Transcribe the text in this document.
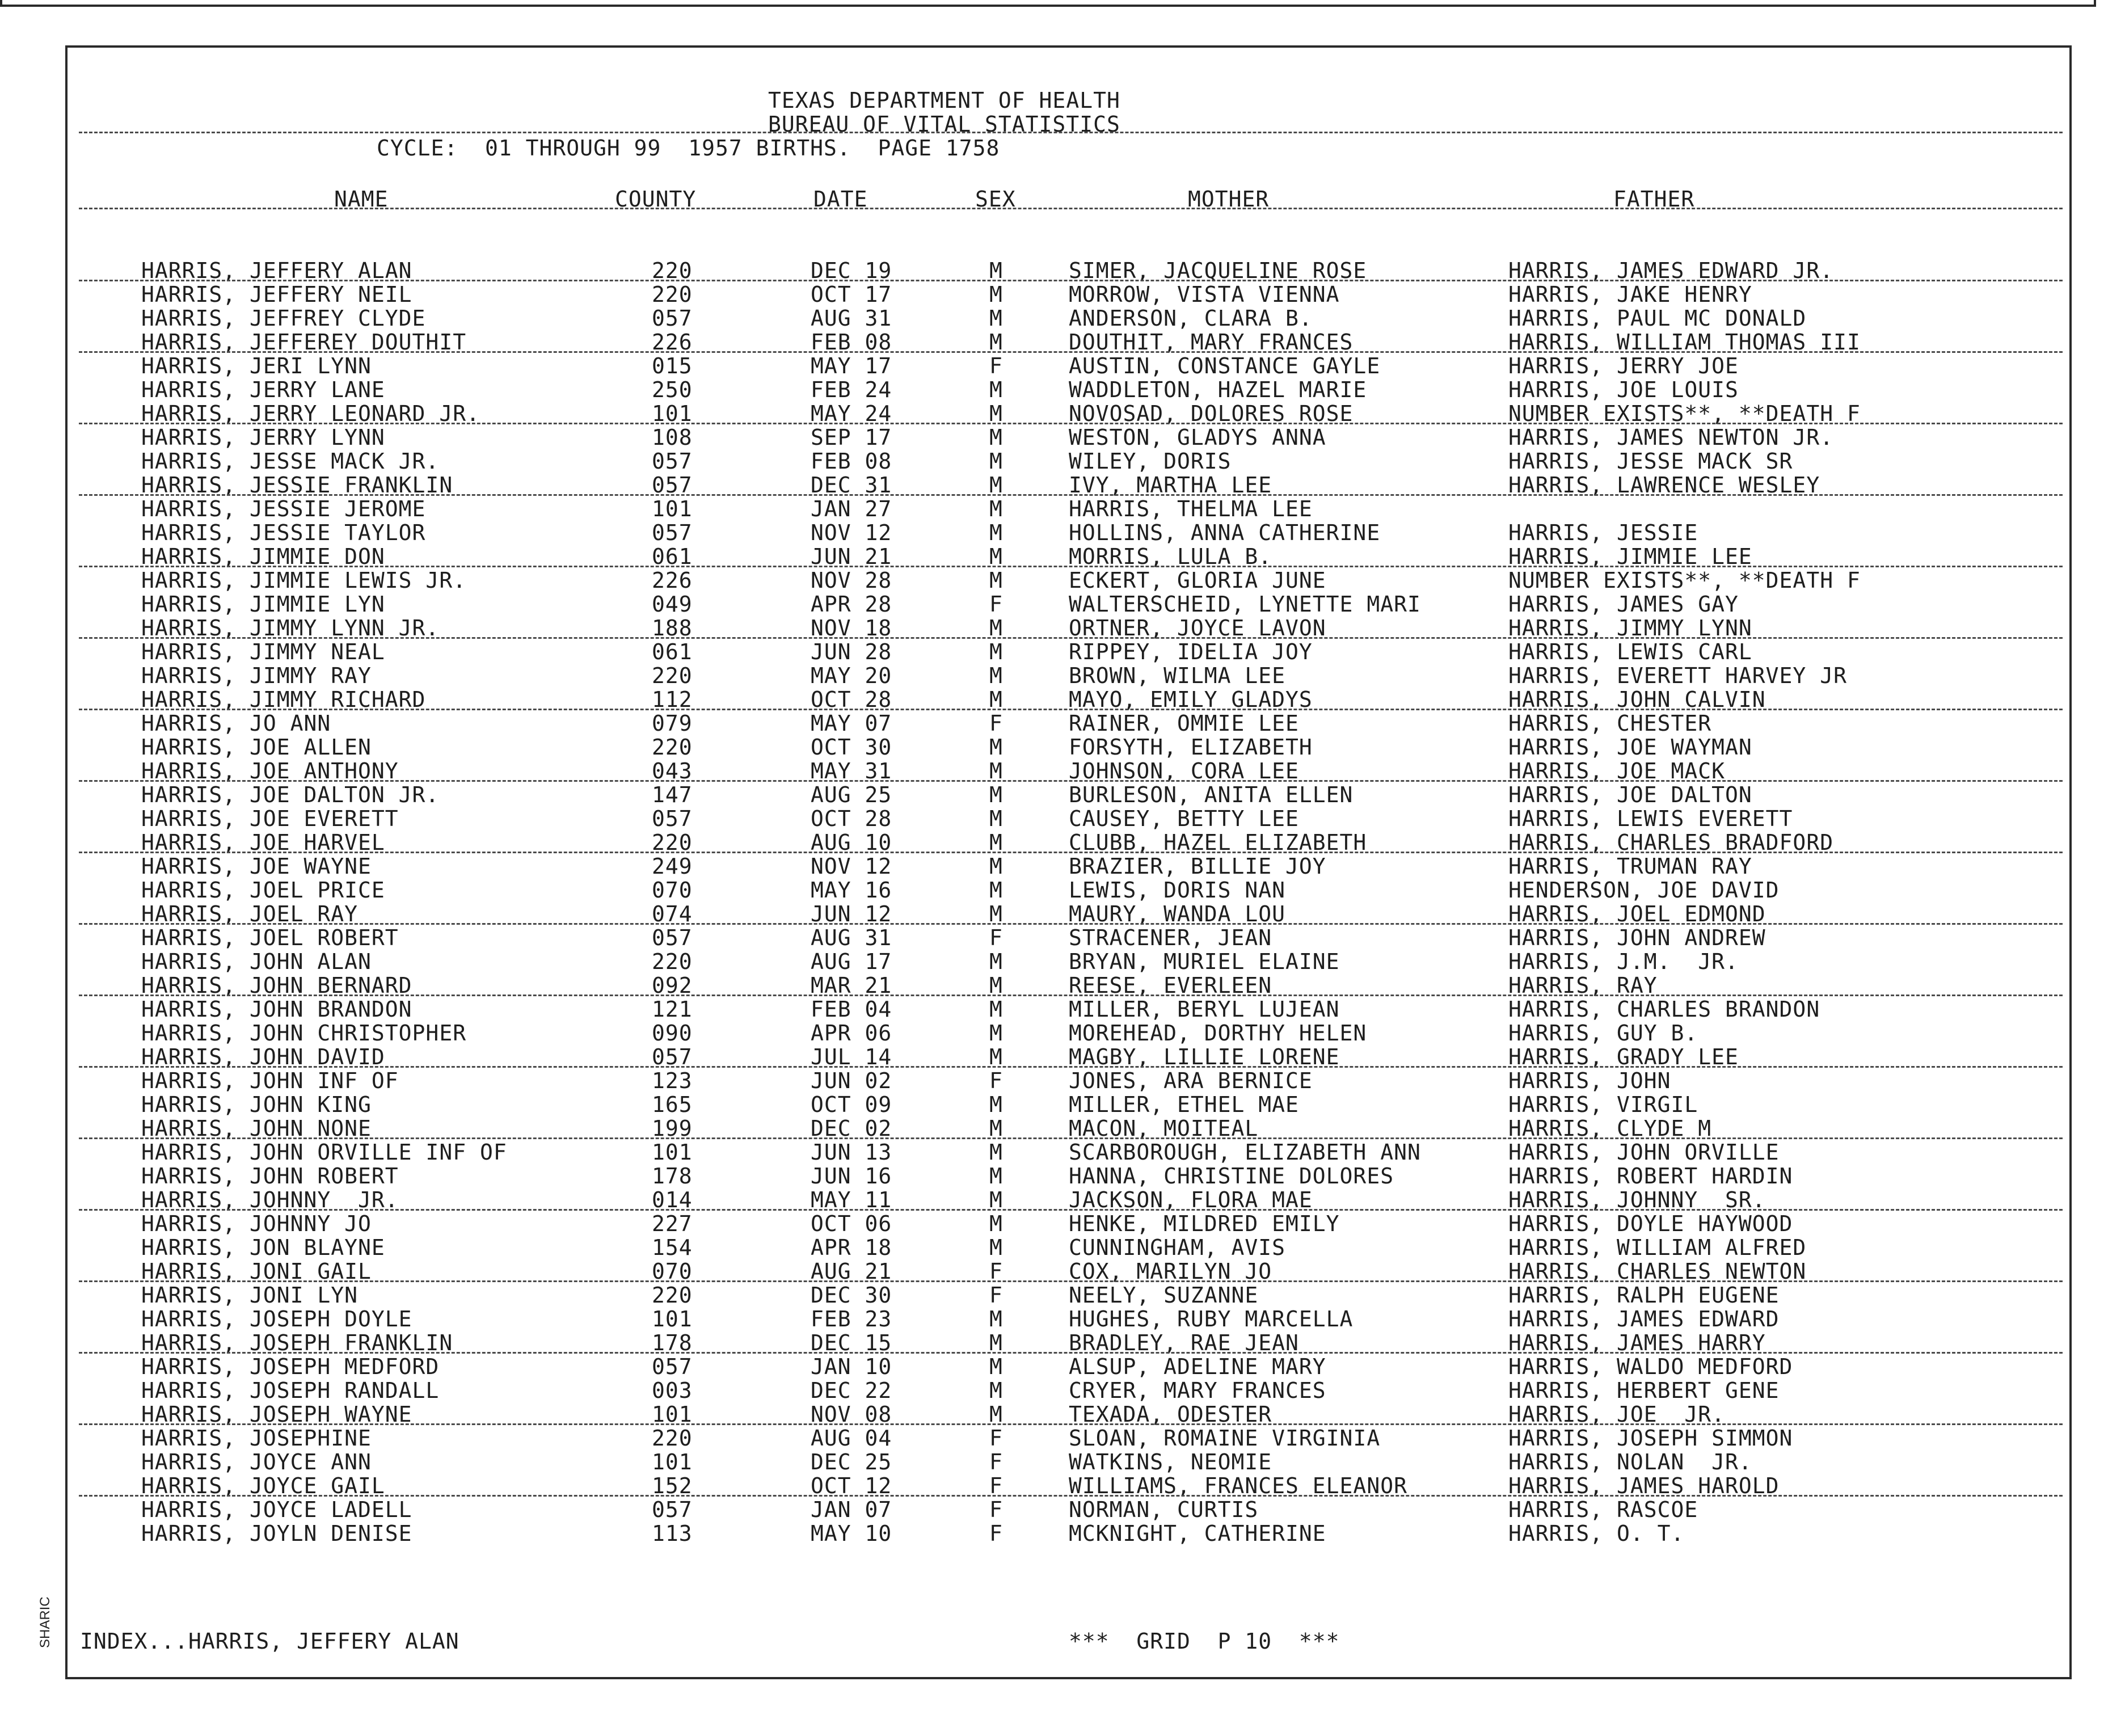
TEXAS DEPARTMENT OF HEALTH
BUREAU OF VITAL STATISTICS
CYCLE:  01 THROUGH 99  1957 BIRTHS.  PAGE 1758
NAME	COUNTY	DATE	SEX	MOTHER	FATHER
HARRIS, JEFFERY ALAN	220	DEC 19	M	SIMER, JACQUELINE ROSE	HARRIS, JAMES EDWARD JR.
HARRIS, JEFFERY NEIL	220	OCT 17	M	MORROW, VISTA VIENNA	HARRIS, JAKE HENRY
HARRIS, JEFFREY CLYDE	057	AUG 31	M	ANDERSON, CLARA B.	HARRIS, PAUL MC DONALD
HARRIS, JEFFEREY DOUTHIT	226	FEB 08	M	DOUTHIT, MARY FRANCES	HARRIS, WILLIAM THOMAS III
HARRIS, JERI LYNN	015	MAY 17	F	AUSTIN, CONSTANCE GAYLE	HARRIS, JERRY JOE
HARRIS, JERRY LANE	250	FEB 24	M	WADDLETON, HAZEL MARIE	HARRIS, JOE LOUIS
HARRIS, JERRY LEONARD JR.	101	MAY 24	M	NOVOSAD, DOLORES ROSE	NUMBER EXISTS**, **DEATH F
HARRIS, JERRY LYNN	108	SEP 17	M	WESTON, GLADYS ANNA	HARRIS, JAMES NEWTON JR.
HARRIS, JESSE MACK JR.	057	FEB 08	M	WILEY, DORIS	HARRIS, JESSE MACK SR
HARRIS, JESSIE FRANKLIN	057	DEC 31	M	IVY, MARTHA LEE	HARRIS, LAWRENCE WESLEY
HARRIS, JESSIE JEROME	101	JAN 27	M	HARRIS, THELMA LEE
HARRIS, JESSIE TAYLOR	057	NOV 12	M	HOLLINS, ANNA CATHERINE	HARRIS, JESSIE
HARRIS, JIMMIE DON	061	JUN 21	M	MORRIS, LULA B.	HARRIS, JIMMIE LEE
HARRIS, JIMMIE LEWIS JR.	226	NOV 28	M	ECKERT, GLORIA JUNE	NUMBER EXISTS**, **DEATH F
HARRIS, JIMMIE LYN	049	APR 28	F	WALTERSCHEID, LYNETTE MARI	HARRIS, JAMES GAY
HARRIS, JIMMY LYNN JR.	188	NOV 18	M	ORTNER, JOYCE LAVON	HARRIS, JIMMY LYNN
HARRIS, JIMMY NEAL	061	JUN 28	M	RIPPEY, IDELIA JOY	HARRIS, LEWIS CARL
HARRIS, JIMMY RAY	220	MAY 20	M	BROWN, WILMA LEE	HARRIS, EVERETT HARVEY JR
HARRIS, JIMMY RICHARD	112	OCT 28	M	MAYO, EMILY GLADYS	HARRIS, JOHN CALVIN
HARRIS, JO ANN	079	MAY 07	F	RAINER, OMMIE LEE	HARRIS, CHESTER
HARRIS, JOE ALLEN	220	OCT 30	M	FORSYTH, ELIZABETH	HARRIS, JOE WAYMAN
HARRIS, JOE ANTHONY	043	MAY 31	M	JOHNSON, CORA LEE	HARRIS, JOE MACK
HARRIS, JOE DALTON JR.	147	AUG 25	M	BURLESON, ANITA ELLEN	HARRIS, JOE DALTON
HARRIS, JOE EVERETT	057	OCT 28	M	CAUSEY, BETTY LEE	HARRIS, LEWIS EVERETT
HARRIS, JOE HARVEL	220	AUG 10	M	CLUBB, HAZEL ELIZABETH	HARRIS, CHARLES BRADFORD
HARRIS, JOE WAYNE	249	NOV 12	M	BRAZIER, BILLIE JOY	HARRIS, TRUMAN RAY
HARRIS, JOEL PRICE	070	MAY 16	M	LEWIS, DORIS NAN	HENDERSON, JOE DAVID
HARRIS, JOEL RAY	074	JUN 12	M	MAURY, WANDA LOU	HARRIS, JOEL EDMOND
HARRIS, JOEL ROBERT	057	AUG 31	F	STRACENER, JEAN	HARRIS, JOHN ANDREW
HARRIS, JOHN ALAN	220	AUG 17	M	BRYAN, MURIEL ELAINE	HARRIS, J.M.  JR.
HARRIS, JOHN BERNARD	092	MAR 21	M	REESE, EVERLEEN	HARRIS, RAY
HARRIS, JOHN BRANDON	121	FEB 04	M	MILLER, BERYL LUJEAN	HARRIS, CHARLES BRANDON
HARRIS, JOHN CHRISTOPHER	090	APR 06	M	MOREHEAD, DORTHY HELEN	HARRIS, GUY B.
HARRIS, JOHN DAVID	057	JUL 14	M	MAGBY, LILLIE LORENE	HARRIS, GRADY LEE
HARRIS, JOHN INF OF	123	JUN 02	F	JONES, ARA BERNICE	HARRIS, JOHN
HARRIS, JOHN KING	165	OCT 09	M	MILLER, ETHEL MAE	HARRIS, VIRGIL
HARRIS, JOHN NONE	199	DEC 02	M	MACON, MOITEAL	HARRIS, CLYDE M
HARRIS, JOHN ORVILLE INF OF	101	JUN 13	M	SCARBOROUGH, ELIZABETH ANN	HARRIS, JOHN ORVILLE
HARRIS, JOHN ROBERT	178	JUN 16	M	HANNA, CHRISTINE DOLORES	HARRIS, ROBERT HARDIN
HARRIS, JOHNNY  JR.	014	MAY 11	M	JACKSON, FLORA MAE	HARRIS, JOHNNY  SR.
HARRIS, JOHNNY JO	227	OCT 06	M	HENKE, MILDRED EMILY	HARRIS, DOYLE HAYWOOD
HARRIS, JON BLAYNE	154	APR 18	M	CUNNINGHAM, AVIS	HARRIS, WILLIAM ALFRED
HARRIS, JONI GAIL	070	AUG 21	F	COX, MARILYN JO	HARRIS, CHARLES NEWTON
HARRIS, JONI LYN	220	DEC 30	F	NEELY, SUZANNE	HARRIS, RALPH EUGENE
HARRIS, JOSEPH DOYLE	101	FEB 23	M	HUGHES, RUBY MARCELLA	HARRIS, JAMES EDWARD
HARRIS, JOSEPH FRANKLIN	178	DEC 15	M	BRADLEY, RAE JEAN	HARRIS, JAMES HARRY
HARRIS, JOSEPH MEDFORD	057	JAN 10	M	ALSUP, ADELINE MARY	HARRIS, WALDO MEDFORD
HARRIS, JOSEPH RANDALL	003	DEC 22	M	CRYER, MARY FRANCES	HARRIS, HERBERT GENE
HARRIS, JOSEPH WAYNE	101	NOV 08	M	TEXADA, ODESTER	HARRIS, JOE  JR.
HARRIS, JOSEPHINE	220	AUG 04	F	SLOAN, ROMAINE VIRGINIA	HARRIS, JOSEPH SIMMON
HARRIS, JOYCE ANN	101	DEC 25	F	WATKINS, NEOMIE	HARRIS, NOLAN  JR.
HARRIS, JOYCE GAIL	152	OCT 12	F	WILLIAMS, FRANCES ELEANOR	HARRIS, JAMES HAROLD
HARRIS, JOYCE LADELL	057	JAN 07	F	NORMAN, CURTIS	HARRIS, RASCOE
HARRIS, JOYLN DENISE	113	MAY 10	F	MCKNIGHT, CATHERINE	HARRIS, O. T.
INDEX...HARRIS, JEFFERY ALAN	***  GRID  P 10  ***
SHARIC
